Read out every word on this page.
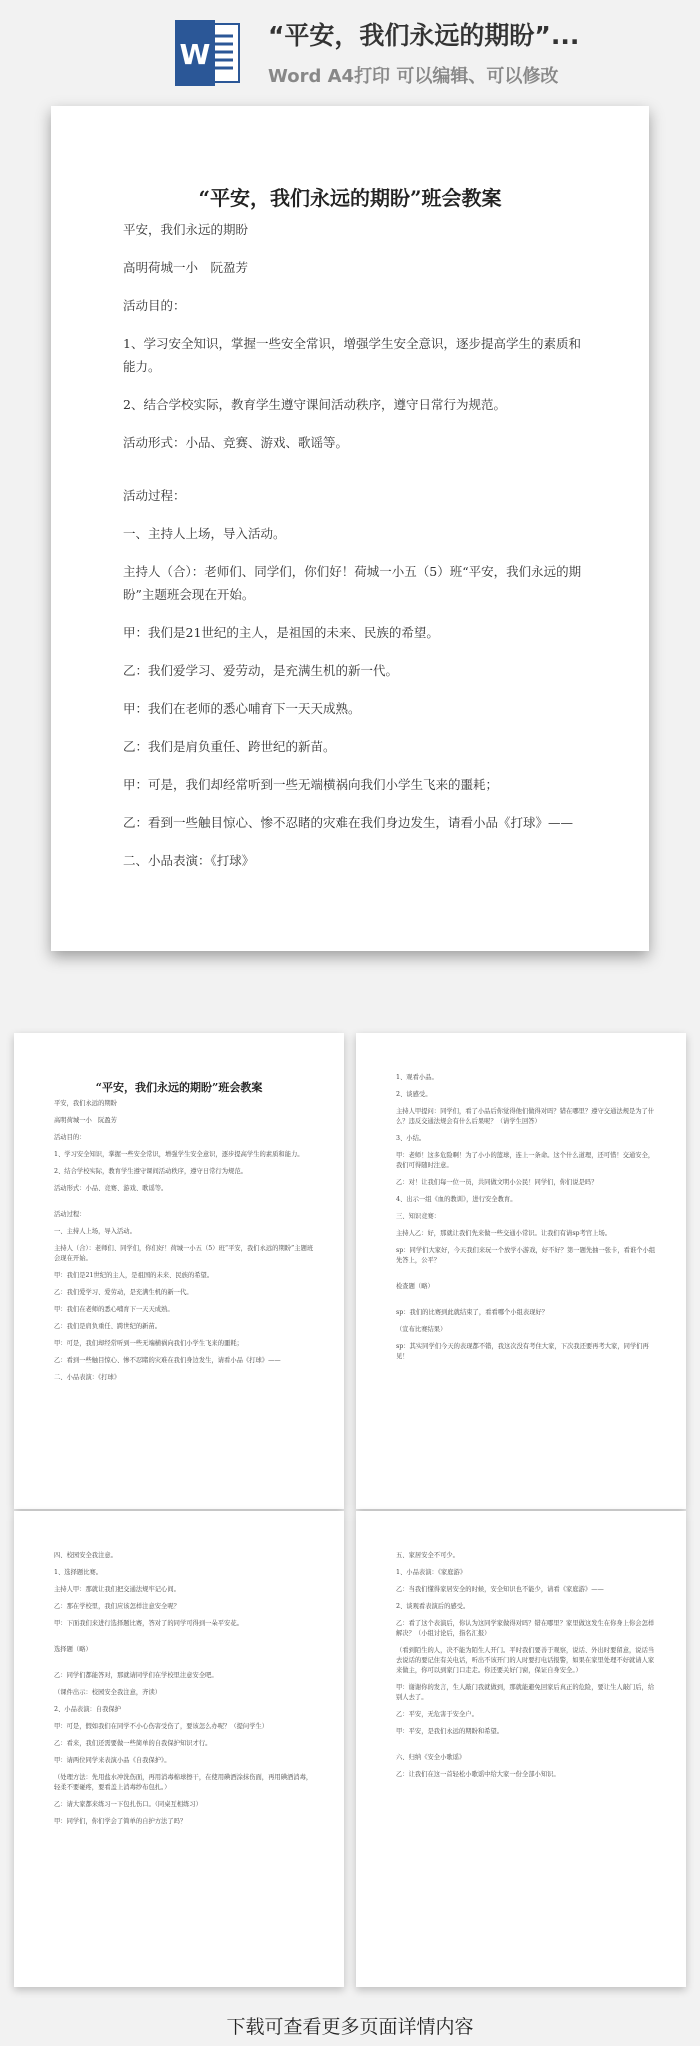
W
“平安，我们永远的期盼”...
Word A4打印 可以编辑、可以修改
“平安，我们永远的期盼”班会教案

平安，我们永远的期盼

高明荷城一小　阮盈芳

活动目的：

1、学习安全知识，掌握一些安全常识，增强学生安全意识，逐步提高学生的素质和能力。

2、结合学校实际，教育学生遵守课间活动秩序，遵守日常行为规范。

活动形式：小品、竞赛、游戏、歌谣等。

活动过程：

一、主持人上场，导入活动。

主持人（合）：老师们、同学们，你们好！荷城一小五（5）班“平安，我们永远的期盼”主题班会现在开始。

甲：我们是21世纪的主人，是祖国的未来、民族的希望。

乙：我们爱学习、爱劳动，是充满生机的新一代。

甲：我们在老师的悉心哺育下一天天成熟。

乙：我们是肩负重任、跨世纪的新苗。

甲：可是，我们却经常听到一些无端横祸向我们小学生飞来的噩耗；

乙：看到一些触目惊心、惨不忍睹的灾难在我们身边发生，请看小品《打球》——

二、小品表演：《打球》

“平安，我们永远的期盼”班会教案

平安，我们永远的期盼

高明荷城一小　阮盈芳

活动目的：

1、学习安全知识，掌握一些安全常识，增强学生安全意识，逐步提高学生的素质和能力。

2、结合学校实际，教育学生遵守课间活动秩序，遵守日常行为规范。

活动形式：小品、竞赛、游戏、歌谣等。

活动过程：

一、主持人上场，导入活动。

主持人（合）：老师们、同学们，你们好！荷城一小五（5）班“平安，我们永远的期盼”主题班会现在开始。

甲：我们是21世纪的主人，是祖国的未来、民族的希望。

乙：我们爱学习、爱劳动，是充满生机的新一代。

甲：我们在老师的悉心哺育下一天天成熟。

乙：我们是肩负重任、跨世纪的新苗。

甲：可是，我们却经常听到一些无端横祸向我们小学生飞来的噩耗；

乙：看到一些触目惊心、惨不忍睹的灾难在我们身边发生，请看小品《打球》——

二、小品表演：《打球》

1、观看小品。

2、谈感受。

主持人甲提问：同学们，看了小品后你觉得他们做得对吗？错在哪里？遵守交通法规是为了什么？违反交通法规会有什么后果呢？（请学生回答）

3、小结。

甲：老师！这多危险啊！为了小小的篮球，连上一条命。这个什么道理，还可惜！交通安全，我们可得随时注意。

乙：对！让我们每一位一员，共同做文明小公民！同学们，你们说是吗？

4、出示一组《血的教训》，进行安全教育。

三、知识竞赛：

主持人乙：好，那就让我们先来做一些交通小常识。让我们有请sp考官上场。

sp：同学们大家好，今天我们来玩一个放学小游戏，好不好？第一题先抽一张卡，看谁个小组先答上，公平？

检查题（略）

sp：我们的比赛到此就结束了，看看哪个小组表现好？

（宣布比赛结果）

sp：其实同学们今天的表现都不错，我这次没有考住大家，下次我还要再考大家，同学们再见！

四、校园安全我注意。

1、选择题比赛。

主持人甲：那就让我们把交通法规牢记心间。

乙：那在学校里，我们应该怎样注意安全呢？

甲：下面我们来进行选择题比赛，答对了的同学可得到一朵平安花。

选择题（略）

乙：同学们都能答对，那就请同学们在学校里注意安全吧。

（课件出示：校园安全我注意，齐读）

2、小品表演：自我保护

甲：可是，假如我们在同学不小心伤害受伤了，要该怎么办呢？（提问学生）

乙：看来，我们还需要做一些简单的自我保护知识才行。

甲：请两位同学来表演小品《自我保护》。

（处理方法：先用盐水冲洗伤面，再用消毒棉球擦干，在使用碘酒涂抹伤面，再用碘酒消毒，轻柔不要碰疼，要看盖上消毒纱布包扎。）

乙：请大家都来练习一下包扎伤口。（同桌互相练习）

甲：同学们，你们学会了简单的自护方法了吗？

五、家居安全不可少。

1、小品表演：《家庭游》

乙：当我们懂得家居安全的时候，安全知识也不能少，请看《家庭游》——

2、谈观看表演后的感受。

乙：看了这个表演后，你认为这同学家做得对吗？错在哪里？家里做这发生在你身上你会怎样解决？（小组讨论后，指名汇报）

（看到陌生的人，决不能为陌生人开门。平时我们要善于观察，说话、外出时要留意，说话当去说话的要记住有关电话，听出不该开门的人时要打电话报警，如果在家里处理不好就请人家来做主，你可以到家门口走走。你还要关好门窗，保证自身安全。）

甲：谢谢你的发言，生人敲门我就做到，那就能避免回家后真正的危险，要让生人敲门后，给别人去了。

乙：平安，无危害于安全户。

甲：平安，是我们永远的期盼和希望。

六、归纳《安全小歌谣》

乙：让我们在这一首轻松小歌谣中给大家一份全部小知识。

下载可查看更多页面详情内容
